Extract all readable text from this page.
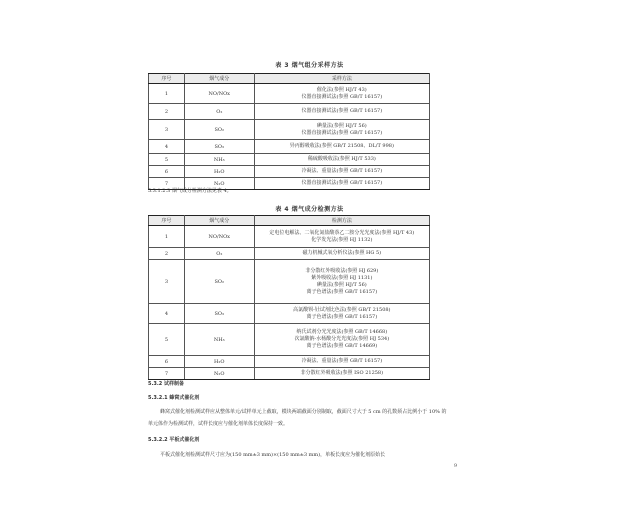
表 3 烟气组分采样方法
序号	烟气成分	采样方法
1	NO/NOx	催化法(参照 HJ/T 43)
仪器直接测试法(参照 GB/T 16157)

2	O₂	仪器直接测试法(参照 GB/T 16157)

3	SO₂	碘量法(参照 HJ/T 56)
仪器直接测试法(参照 GB/T 16157)

4	SO₃	异丙醇吸收法(参照 GB/T 21508、DL/T 998)

5	NH₃	稀硫酸吸收法(参照 HJ/T 533)

6	H₂O	冷凝法、重量法(参照 GB/T 16157)

7	N₂O	仪器直接测试法(参照 GB/T 16157)
5.3.1.2.3 烟气成分检测方法见表 4。
表 4 烟气成分检测方法
序号	烟气成分	检测方法
1	NO/NOx	定电位电解法、二氧化氮盐酸萘乙二胺分光光度法(参照 HJ/T 43)
化学发光法(参照 HJ 1132)

2	O₂	磁力机械式氧分析仪法(参照 HG 5)

3	SO₂	非分散红外吸收法(参照 HJ 629)
紫外吸收法(参照 HJ 1131)
碘量法(参照 HJ/T 56)
离子色谱法(参照 GB/T 16157)

4	SO₃	高氯酸钡-钍试剂比色法(参照 GB/T 21508)
离子色谱法(参照 GB/T 16157)

5	NH₃	纳氏试剂分光光度法(参照 GB/T 14668)
次氯酸钠-水杨酸分光光度法(参照 HJ 534)
离子色谱法(参照 GB/T 14669)

6	H₂O	冷凝法、重量法(参照 GB/T 16157)

7	N₂O	非分散红外吸收法(参照 ISO 21258)
5.3.2 试样制备
5.3.2.1 蜂窝式催化剂
蜂窝式催化剂检测试样应从整体单元/试样单元上截取，模块两端截面分别制取，截面尺寸大于 5 cm 的孔数须占比例小于 10% 的
单元体作为检测试样，试样长度应与催化剂单体长度保持一致。
5.3.2.2 平板式催化剂
平板式催化剂检测试样尺寸应为(150 mm±3 mm)×(150 mm±3 mm)，单板长度应为催化剂原始长
9
